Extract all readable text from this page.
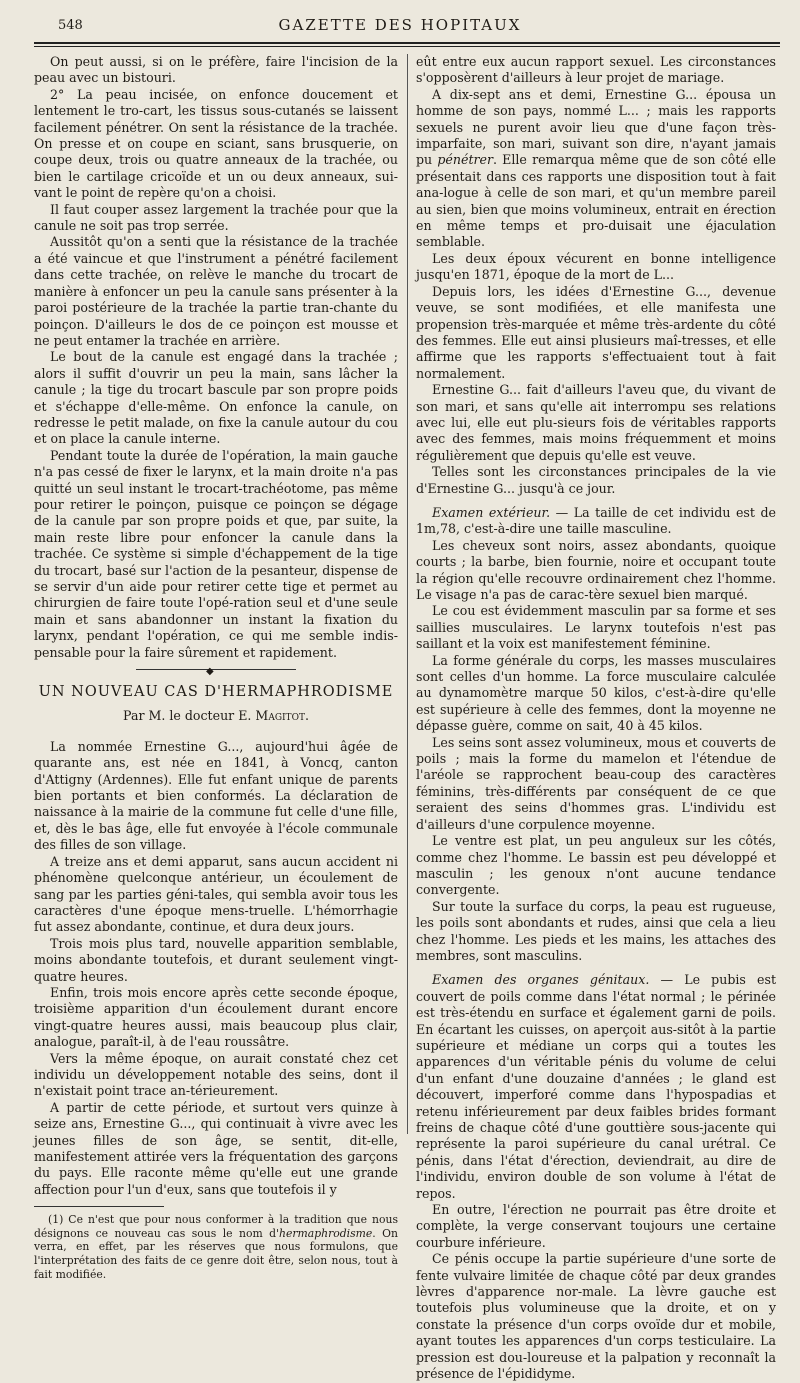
548	GAZETTE DES HOPITAUX

On peut aussi, si on le préfère, faire l'incision de la peau avec un bistouri.

2° La peau incisée, on enfonce doucement et lentement le tro-cart, les tissus sous-cutanés se laissent facilement pénétrer. On sent la résistance de la trachée. On presse et on coupe en sciant, sans brusquerie, on coupe deux, trois ou quatre anneaux de la trachée, ou bien le cartilage cricoïde et un ou deux anneaux, sui-vant le point de repère qu'on a choisi.

Il faut couper assez largement la trachée pour que la canule ne soit pas trop serrée.

Aussitôt qu'on a senti que la résistance de la trachée a été vaincue et que l'instrument a pénétré facilement dans cette trachée, on relève le manche du trocart de manière à enfoncer un peu la canule sans présenter à la paroi postérieure de la trachée la partie tran-chante du poinçon. D'ailleurs le dos de ce poinçon est mousse et ne peut entamer la trachée en arrière.

Le bout de la canule est engagé dans la trachée ; alors il suffit d'ouvrir un peu la main, sans lâcher la canule ; la tige du trocart bascule par son propre poids et s'échappe d'elle-même. On enfonce la canule, on redresse le petit malade, on fixe la canule autour du cou et on place la canule interne.

Pendant toute la durée de l'opération, la main gauche n'a pas cessé de fixer le larynx, et la main droite n'a pas quitté un seul instant le trocart-trachéotome, pas même pour retirer le poinçon, puisque ce poinçon se dégage de la canule par son propre poids et que, par suite, la main reste libre pour enfoncer la canule dans la trachée. Ce système si simple d'échappement de la tige du trocart, basé sur l'action de la pesanteur, dispense de se servir d'un aide pour retirer cette tige et permet au chirurgien de faire toute l'opé-ration seul et d'une seule main et sans abandonner un instant la fixation du larynx, pendant l'opération, ce qui me semble indis-pensable pour la faire sûrement et rapidement.

◆
UN NOUVEAU CAS D'HERMAPHRODISME
Par M. le docteur E. Magitot.

La nommée Ernestine G..., aujourd'hui âgée de quarante ans, est née en 1841, à Voncq, canton d'Attigny (Ardennes). Elle fut enfant unique de parents bien portants et bien conformés. La déclaration de naissance à la mairie de la commune fut celle d'une fille, et, dès le bas âge, elle fut envoyée à l'école communale des filles de son village.

A treize ans et demi apparut, sans aucun accident ni phénomène quelconque antérieur, un écoulement de sang par les parties géni-tales, qui sembla avoir tous les caractères d'une époque mens-truelle. L'hémorrhagie fut assez abondante, continue, et dura deux jours.

Trois mois plus tard, nouvelle apparition semblable, moins abondante toutefois, et durant seulement vingt-quatre heures.

Enfin, trois mois encore après cette seconde époque, troisième apparition d'un écoulement durant encore vingt-quatre heures aussi, mais beaucoup plus clair, analogue, paraît-il, à de l'eau roussâtre.

Vers la même époque, on aurait constaté chez cet individu un développement notable des seins, dont il n'existait point trace an-térieurement.

A partir de cette période, et surtout vers quinze à seize ans, Ernestine G..., qui continuait à vivre avec les jeunes filles de son âge, se sentit, dit-elle, manifestement attirée vers la fréquentation des garçons du pays. Elle raconte même qu'elle eut une grande affection pour l'un d'eux, sans que toutefois il y

(1) Ce n'est que pour nous conformer à la tradition que nous désignons ce nouveau cas sous le nom d'hermaphrodisme. On verra, en effet, par les réserves que nous formulons, que l'interprétation des faits de ce genre doit être, selon nous, tout à fait modifiée.

eût entre eux aucun rapport sexuel. Les circonstances s'opposèrent d'ailleurs à leur projet de mariage.

A dix-sept ans et demi, Ernestine G... épousa un homme de son pays, nommé L... ; mais les rapports sexuels ne purent avoir lieu que d'une façon très-imparfaite, son mari, suivant son dire, n'ayant jamais pu pénétrer. Elle remarqua même que de son côté elle présentait dans ces rapports une disposition tout à fait ana-logue à celle de son mari, et qu'un membre pareil au sien, bien que moins volumineux, entrait en érection en même temps et pro-duisait une éjaculation semblable.

Les deux époux vécurent en bonne intelligence jusqu'en 1871, époque de la mort de L...

Depuis lors, les idées d'Ernestine G..., devenue veuve, se sont modifiées, et elle manifesta une propension très-marquée et même très-ardente du côté des femmes. Elle eut ainsi plusieurs maî-tresses, et elle affirme que les rapports s'effectuaient tout à fait normalement.

Ernestine G... fait d'ailleurs l'aveu que, du vivant de son mari, et sans qu'elle ait interrompu ses relations avec lui, elle eut plu-sieurs fois de véritables rapports avec des femmes, mais moins fréquemment et moins régulièrement que depuis qu'elle est veuve.

Telles sont les circonstances principales de la vie d'Ernestine G... jusqu'à ce jour.

Examen extérieur. — La taille de cet individu est de 1m,78, c'est-à-dire une taille masculine.

Les cheveux sont noirs, assez abondants, quoique courts ; la barbe, bien fournie, noire et occupant toute la région qu'elle recouvre ordinairement chez l'homme. Le visage n'a pas de carac-tère sexuel bien marqué.

Le cou est évidemment masculin par sa forme et ses saillies musculaires. Le larynx toutefois n'est pas saillant et la voix est manifestement féminine.

La forme générale du corps, les masses musculaires sont celles d'un homme. La force musculaire calculée au dynamomètre marque 50 kilos, c'est-à-dire qu'elle est supérieure à celle des femmes, dont la moyenne ne dépasse guère, comme on sait, 40 à 45 kilos.

Les seins sont assez volumineux, mous et couverts de poils ; mais la forme du mamelon et l'étendue de l'aréole se rapprochent beau-coup des caractères féminins, très-différents par conséquent de ce que seraient des seins d'hommes gras. L'individu est d'ailleurs d'une corpulence moyenne.

Le ventre est plat, un peu anguleux sur les côtés, comme chez l'homme. Le bassin est peu développé et masculin ; les genoux n'ont aucune tendance convergente.

Sur toute la surface du corps, la peau est rugueuse, les poils sont abondants et rudes, ainsi que cela a lieu chez l'homme. Les pieds et les mains, les attaches des membres, sont masculins.

Examen des organes génitaux. — Le pubis est couvert de poils comme dans l'état normal ; le périnée est très-étendu en surface et également garni de poils. En écartant les cuisses, on aperçoit aus-sitôt à la partie supérieure et médiane un corps qui a toutes les apparences d'un véritable pénis du volume de celui d'un enfant d'une douzaine d'années ; le gland est découvert, imperforé comme dans l'hypospadias et retenu inférieurement par deux faibles brides formant freins de chaque côté d'une gouttière sous-jacente qui représente la paroi supérieure du canal urétral. Ce pénis, dans l'état d'érection, deviendrait, au dire de l'individu, environ double de son volume à l'état de repos.

En outre, l'érection ne pourrait pas être droite et complète, la verge conservant toujours une certaine courbure inférieure.

Ce pénis occupe la partie supérieure d'une sorte de fente vulvaire limitée de chaque côté par deux grandes lèvres d'apparence nor-male. La lèvre gauche est toutefois plus volumineuse que la droite, et on y constate la présence d'un corps ovoïde dur et mobile, ayant toutes les apparences d'un corps testiculaire. La pression est dou-loureuse et la palpation y reconnaît la présence de l'épididyme.
